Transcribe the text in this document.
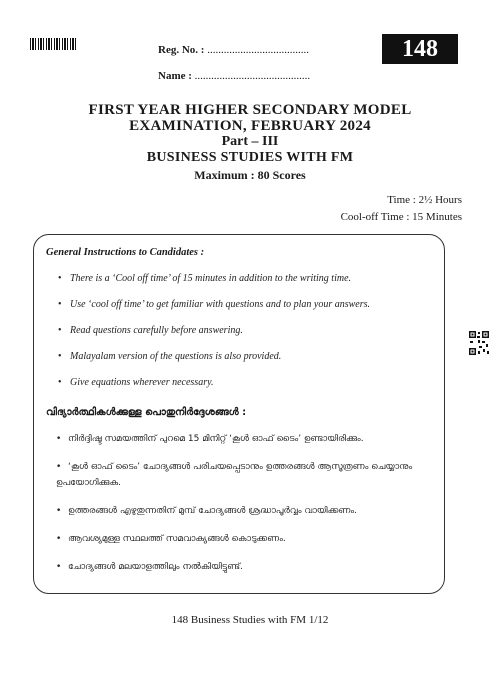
Reg. No. : .....................................
Name : ..........................................
148
FIRST YEAR HIGHER SECONDARY MODEL
EXAMINATION, FEBRUARY 2024
Part – III
BUSINESS STUDIES WITH FM
Maximum : 80 Scores
Time : 2½ Hours
Cool-off Time : 15 Minutes
General Instructions to Candidates :
• There is a ‘Cool off time’ of 15 minutes in addition to the writing time.
• Use ‘cool off time’ to get familiar with questions and to plan your answers.
• Read questions carefully before answering.
• Malayalam version of the questions is also provided.
• Give equations wherever necessary.
വിദ്യാർത്ഥികൾക്കുള്ള പൊതുനിർദ്ദേശങ്ങൾ :
• നിർദ്ദിഷ്ട സമയത്തിന് പുറമെ 15 മിനിറ്റ് ‘കൂൾ ഓഫ് ടൈം’ ഉണ്ടായിരിക്കും.
• ‘കൂൾ ഓഫ് ടൈം’ ചോദ്യങ്ങൾ പരിചയപ്പെടാനും ഉത്തരങ്ങൾ ആസൂത്രണം ചെയ്യാനും ഉപയോഗിക്കുക.
• ഉത്തരങ്ങൾ എഴുതുന്നതിന് മുമ്പ് ചോദ്യങ്ങൾ ശ്രദ്ധാപൂർവ്വം വായിക്കണം.
• ആവശ്യമുള്ള സ്ഥലത്ത് സമവാക്യങ്ങൾ കൊടുക്കണം.
• ചോദ്യങ്ങൾ മലയാളത്തിലും നൽകിയിട്ടുണ്ട്.
148 Business Studies with FM 1/12
